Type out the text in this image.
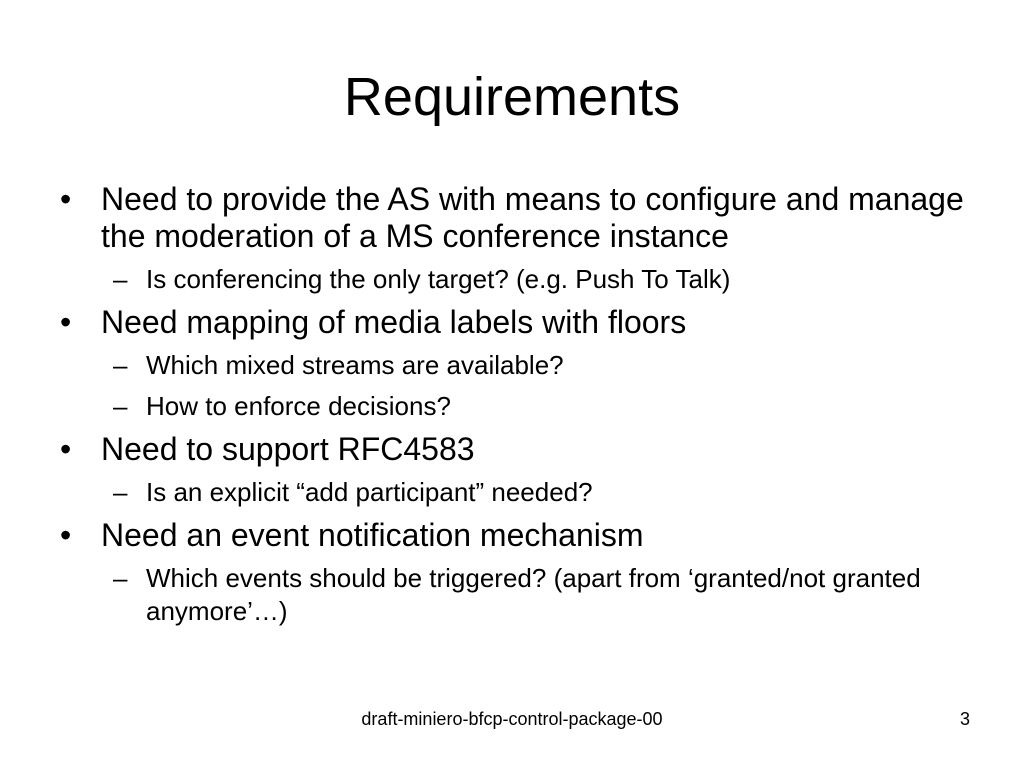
Requirements
• Need to provide the AS with means to configure and manage the moderation of a MS conference instance
– Is conferencing the only target? (e.g. Push To Talk)
• Need mapping of media labels with floors
– Which mixed streams are available?
– How to enforce decisions?
• Need to support RFC4583
– Is an explicit “add participant” needed?
• Need an event notification mechanism
– Which events should be triggered? (apart from ‘granted/not granted anymore’…)
draft-miniero-bfcp-control-package-00	3
